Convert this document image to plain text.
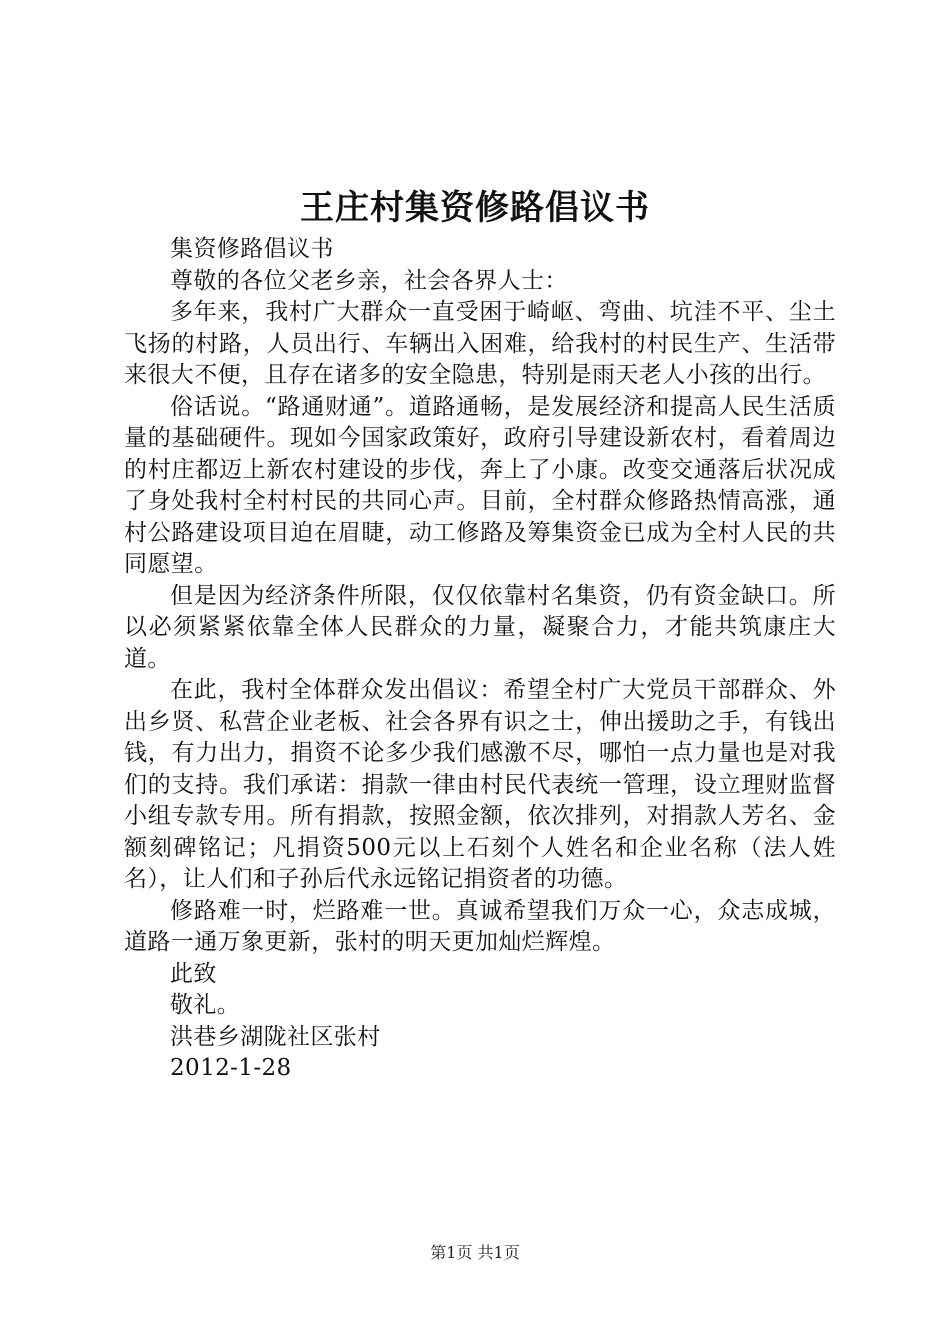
王庄村集资修路倡议书

集资修路倡议书

尊敬的各位父老乡亲，社会各界人士：

多年来，我村广大群众一直受困于崎岖、弯曲、坑洼不平、尘土飞扬的村路，人员出行、车辆出入困难，给我村的村民生产、生活带来很大不便，且存在诸多的安全隐患，特别是雨天老人小孩的出行。

俗话说。“路通财通”。道路通畅，是发展经济和提高人民生活质量的基础硬件。现如今国家政策好，政府引导建设新农村，看着周边的村庄都迈上新农村建设的步伐，奔上了小康。改变交通落后状况成了身处我村全村村民的共同心声。目前，全村群众修路热情高涨，通村公路建设项目迫在眉睫，动工修路及筹集资金已成为全村人民的共同愿望。

但是因为经济条件所限，仅仅依靠村名集资，仍有资金缺口。所以必须紧紧依靠全体人民群众的力量，凝聚合力，才能共筑康庄大道。

在此，我村全体群众发出倡议：希望全村广大党员干部群众、外出乡贤、私营企业老板、社会各界有识之士，伸出援助之手，有钱出钱，有力出力，捐资不论多少我们感激不尽，哪怕一点力量也是对我们的支持。我们承诺：捐款一律由村民代表统一管理，设立理财监督小组专款专用。所有捐款，按照金额，依次排列，对捐款人芳名、金额刻碑铭记；凡捐资500元以上石刻个人姓名和企业名称（法人姓名），让人们和子孙后代永远铭记捐资者的功德。

修路难一时，烂路难一世。真诚希望我们万众一心，众志成城，道路一通万象更新，张村的明天更加灿烂辉煌。

此致

敬礼。

洪巷乡湖陇社区张村

2012-1-28

第1页 共1页
